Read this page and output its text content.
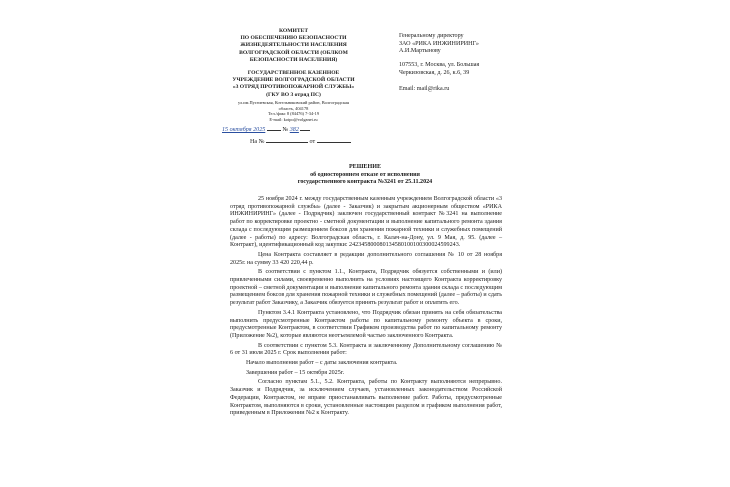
КОМИТЕТ
ПО ОБЕСПЕЧЕНИЮ БЕЗОПАСНОСТИ
ЖИЗНЕДЕЯТЕЛЬНОСТИ НАСЕЛЕНИЯ
ВОЛГОГРАДСКОЙ ОБЛАСТИ (ОБЛКОМ
БЕЗОПАСНОСТИ НАСЕЛЕНИЯ)
ГОСУДАРСТВЕННОЕ КАЗЕННОЕ
УЧРЕЖДЕНИЕ ВОЛГОГРАДСКОЙ ОБЛАСТИ
«3 ОТРЯД ПРОТИВОПОЖАРНОЙ СЛУЖБЫ»
(ГКУ ВО 3 отряд ПС)
ул.им.Пугачевская, Котельниковский район, Волгоградская
область, 404178
Тел./факс 8 (84476) 7-34-19
E-mail: kotpo@volganet.ru
15 октября 2025	№ 382
На №	от
Генеральному директору
ЗАО «РИКА ИНЖИНИРИНГ»
А.И.Мартынову
107553, г. Москва, ул. Большая
Черкизовская, д. 26, к.6, 39
Email: mail@rika.ru
РЕШЕНИЕ
об одностороннем отказе от исполнения
государственного контракта №3241 от 25.11.2024

25 ноября 2024 г. между государственным казенным учреждением Волгоградской области «3 отряд противопожарной службы» (далее - Заказчик) и закрытым акционерным обществом «РИКА ИНЖИНИРИНГ» (далее - Подрядчик) заключен государственный контракт №3241 на выполнение работ по корректировке проектно - сметной документации и выполнение капитального ремонта здания склада с последующим размещением боксов для хранения пожарной техники и служебных помещений (далее - работы) по адресу: Волгоградская область, г. Калач-на-Дону, ул. 9 Мая, д. 95. (далее – Контракт), идентификационный код закупки: 242345800080134580100100300024599243.

Цена Контракта составляет в редакции дополнительного соглашения № 10 от 28 ноября 2025г. на сумму 33 420 220,44 р.

В соответствии с пунктом 1.1., Контракта, Подрядчик обязуется собственными и (или) привлеченными силами, своевременно выполнить на условиях настоящего Контракта корректировку проектной – сметной документации и выполнение капитального ремонта здания склада с последующим размещением боксов для хранения пожарной техники и служебных помещений (далее – работы) и сдать результат работ Заказчику, а Заказчик обязуется принять результат работ и оплатить его.

Пунктом 3.4.1 Контракта установлено, что Подрядчик обязан принять на себя обязательства выполнить предусмотренные Контрактом работы по капитальному ремонту объекта в сроки, предусмотренные Контрактом, в соответствии Графиком производства работ по капитальному ремонту (Приложение №2), которые являются неотъемлемой частью заключенного Контракта.

В соответствии с пунктом 5.3. Контракта и заключенному Дополнительному соглашению № 6 от 31 июля 2025 г. Срок выполнения работ:

Начало выполнения работ – с даты заключения контракта.

Завершения работ – 15 октября 2025г.

Согласно пунктам 5.1., 5.2. Контракта, работы по Контракту выполняются непрерывно. Заказчик и Подрядчик, за исключением случаев, установленных законодательством Российской Федерации, Контрактом, не вправе приостанавливать выполнение работ. Работы, предусмотренные Контрактом, выполняются в сроки, установленные настоящим разделом и графиком выполнения работ, приведенным в Приложении №2 к Контракту.
